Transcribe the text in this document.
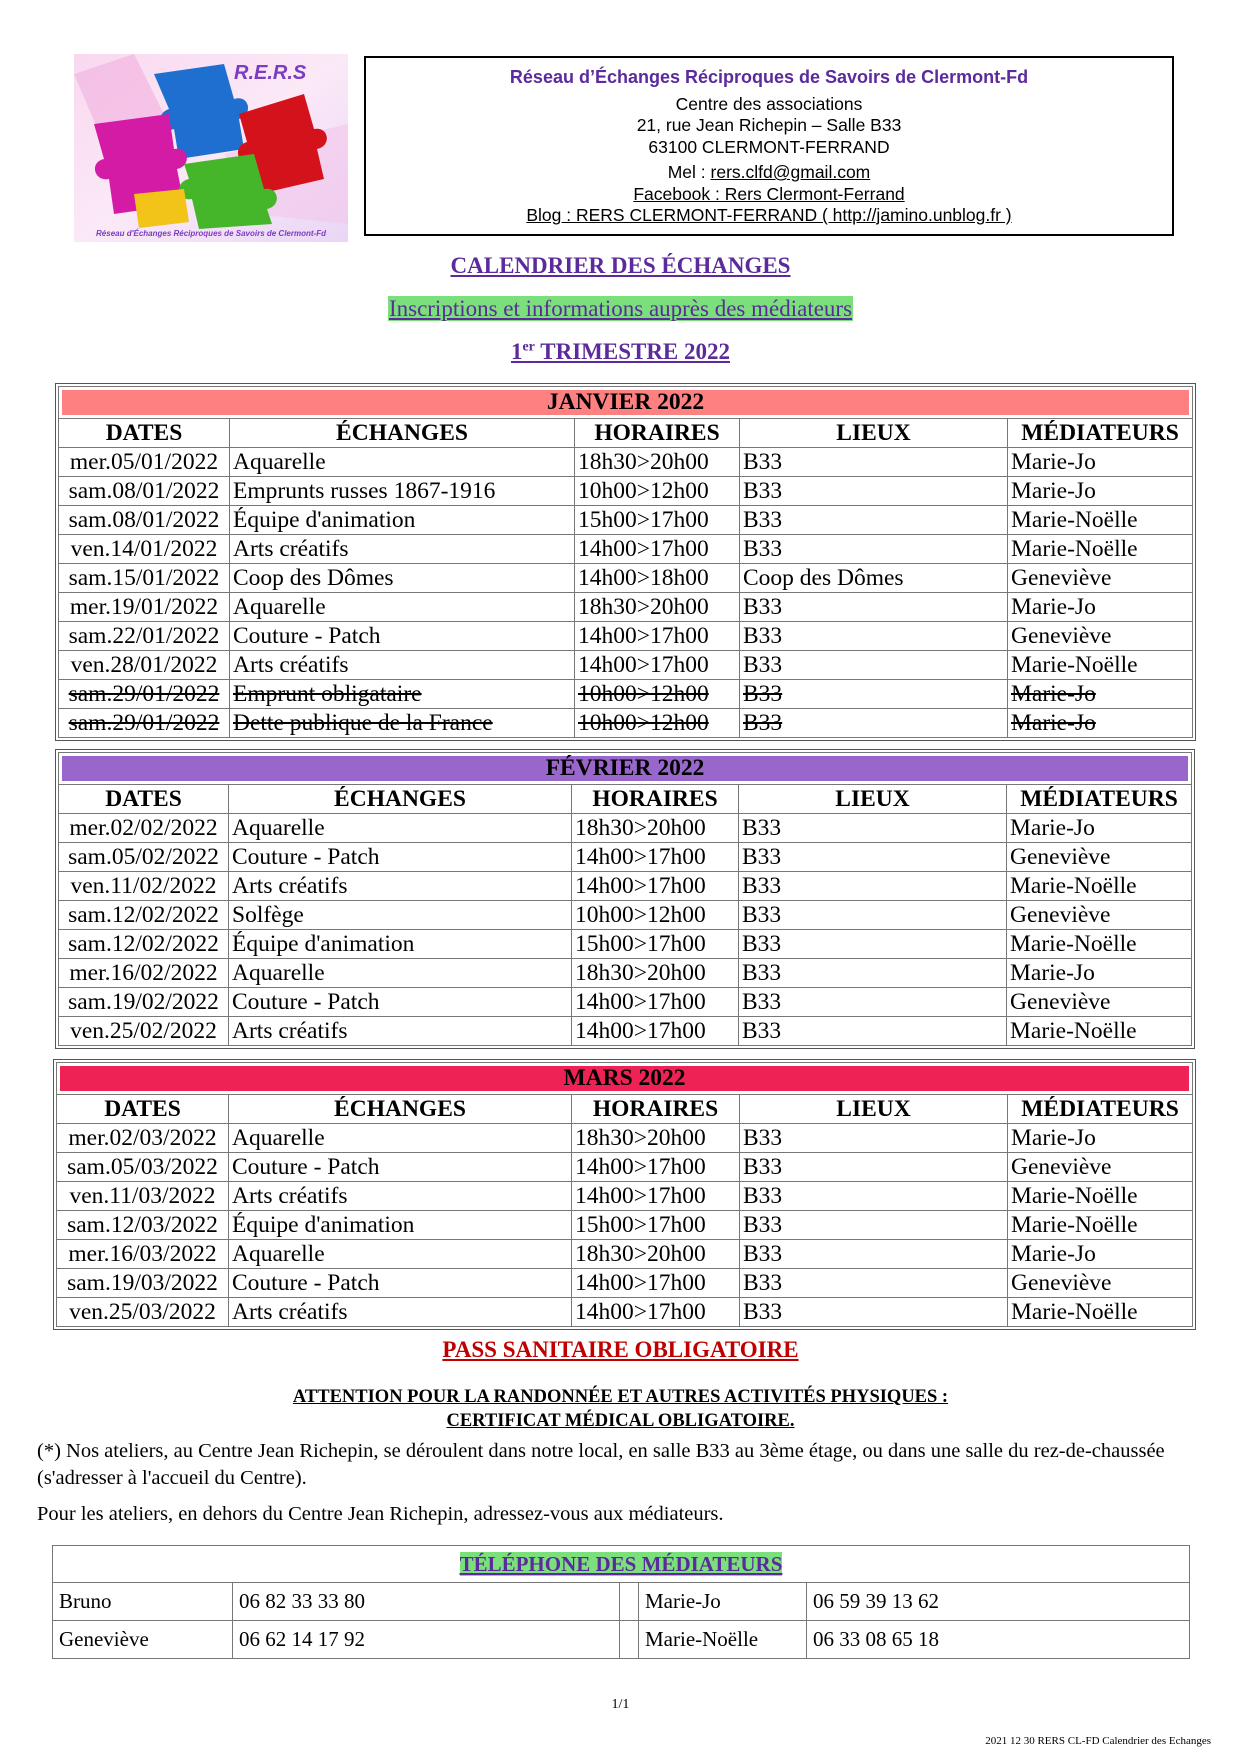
R.E.R.S
Réseau d'Échanges Réciproques de Savoirs de Clermont-Fd
Réseau d’Échanges Réciproques de Savoirs de Clermont-Fd
Centre des associations
21, rue Jean Richepin – Salle B33
63100 CLERMONT-FERRAND
Mel : rers.clfd@gmail.com
Facebook : Rers Clermont-Ferrand
Blog : RERS CLERMONT-FERRAND ( http://jamino.unblog.fr )
CALENDRIER DES ÉCHANGES
Inscriptions et informations auprès des médiateurs
1er TRIMESTRE 2022
JANVIER 2022				

DATES	ÉCHANGES	HORAIRES	LIEUX	MÉDIATEURS
mer.05/01/2022	Aquarelle	18h30>20h00	B33	Marie-Jo
sam.08/01/2022	Emprunts russes 1867-1916	10h00>12h00	B33	Marie-Jo
sam.08/01/2022	Équipe d'animation	15h00>17h00	B33	Marie-Noëlle
ven.14/01/2022	Arts créatifs	14h00>17h00	B33	Marie-Noëlle
sam.15/01/2022	Coop des Dômes	14h00>18h00	Coop des Dômes	Geneviève
mer.19/01/2022	Aquarelle	18h30>20h00	B33	Marie-Jo
sam.22/01/2022	Couture - Patch	14h00>17h00	B33	Geneviève
ven.28/01/2022	Arts créatifs	14h00>17h00	B33	Marie-Noëlle
sam.29/01/2022	Emprunt obligataire	10h00>12h00	B33	Marie-Jo
sam.29/01/2022	Dette publique de la France	10h00>12h00	B33	Marie-Jo
FÉVRIER 2022				

DATES	ÉCHANGES	HORAIRES	LIEUX	MÉDIATEURS
mer.02/02/2022	Aquarelle	18h30>20h00	B33	Marie-Jo
sam.05/02/2022	Couture - Patch	14h00>17h00	B33	Geneviève
ven.11/02/2022	Arts créatifs	14h00>17h00	B33	Marie-Noëlle
sam.12/02/2022	Solfège	10h00>12h00	B33	Geneviève
sam.12/02/2022	Équipe d'animation	15h00>17h00	B33	Marie-Noëlle
mer.16/02/2022	Aquarelle	18h30>20h00	B33	Marie-Jo
sam.19/02/2022	Couture - Patch	14h00>17h00	B33	Geneviève
ven.25/02/2022	Arts créatifs	14h00>17h00	B33	Marie-Noëlle
MARS 2022				

DATES	ÉCHANGES	HORAIRES	LIEUX	MÉDIATEURS
mer.02/03/2022	Aquarelle	18h30>20h00	B33	Marie-Jo
sam.05/03/2022	Couture - Patch	14h00>17h00	B33	Geneviève
ven.11/03/2022	Arts créatifs	14h00>17h00	B33	Marie-Noëlle
sam.12/03/2022	Équipe d'animation	15h00>17h00	B33	Marie-Noëlle
mer.16/03/2022	Aquarelle	18h30>20h00	B33	Marie-Jo
sam.19/03/2022	Couture - Patch	14h00>17h00	B33	Geneviève
ven.25/03/2022	Arts créatifs	14h00>17h00	B33	Marie-Noëlle
PASS SANITAIRE OBLIGATOIRE
ATTENTION POUR LA RANDONNÉE ET AUTRES ACTIVITÉS PHYSIQUES :
CERTIFICAT MÉDICAL OBLIGATOIRE.
(*) Nos ateliers, au Centre Jean Richepin, se déroulent dans notre local, en salle B33 au 3ème étage, ou dans une salle du rez-de-chaussée (s'adresser à l'accueil du Centre).
Pour les ateliers, en dehors du Centre Jean Richepin, adressez-vous aux médiateurs.
TÉLÉPHONE DES MÉDIATEURS				
Bruno	06 82 33 33 80		Marie-Jo	06 59 39 13 62
Geneviève	06 62 14 17 92		Marie-Noëlle	06 33 08 65 18
1/1
2021 12 30 RERS CL-FD Calendrier des Echanges
